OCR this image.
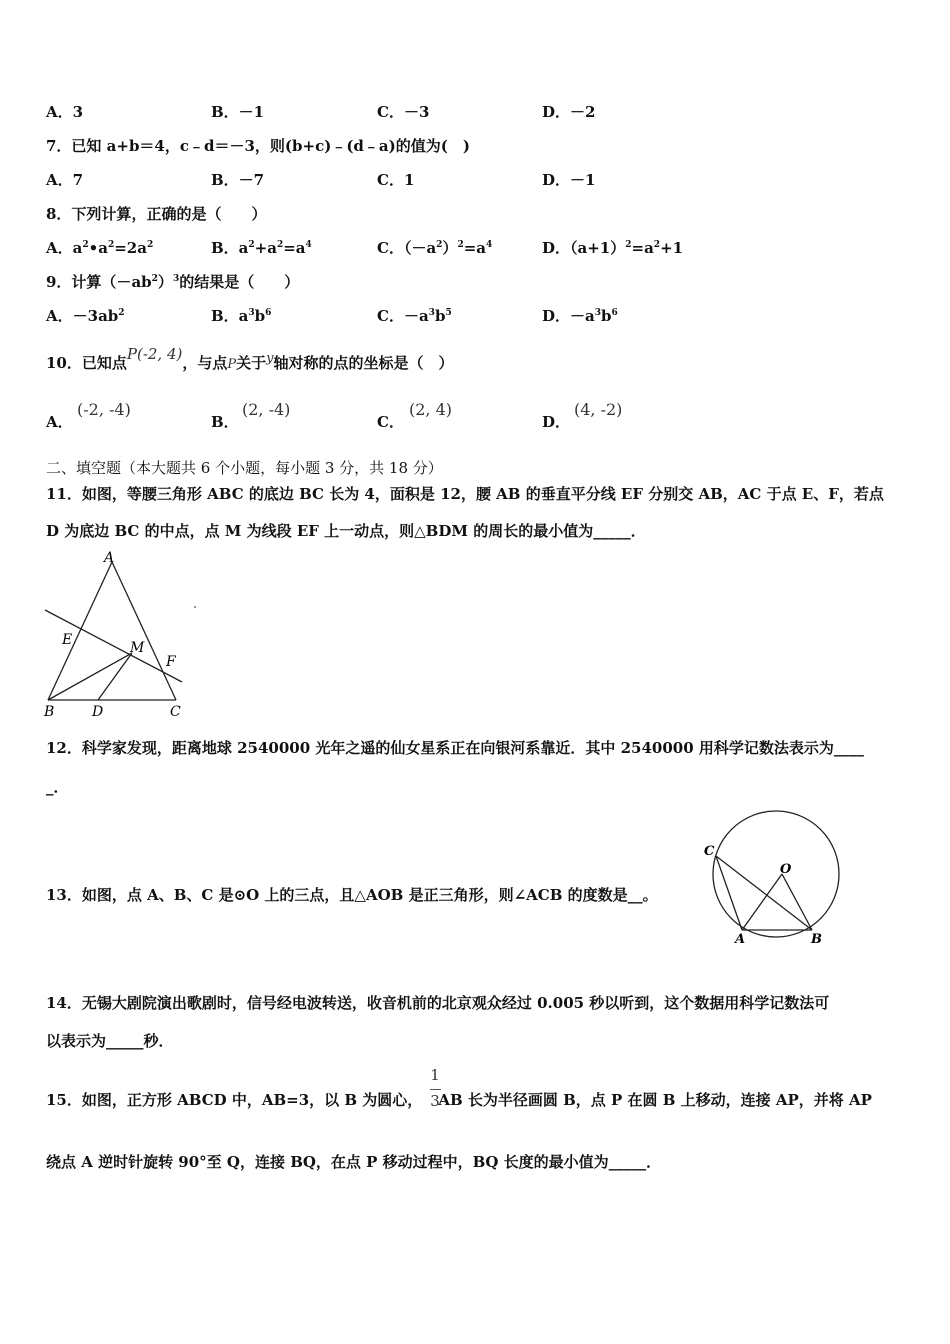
A．3	B．－1	C．－3	D．－2
7．已知 a+b＝4，c﹣d＝－3，则(b+c)﹣(d﹣a)的值为(　)
A．7	B．－7	C．1	D．－1
8．下列计算，正确的是（　　）
A．$a^2•a^2=2a^2$	B．$a^2+a^2=a^4$	C．$(-a^2)^2=a^4$	D．$(a+1)^2=a^2+1$
9．计算$(-ab^2)^3$的结果是（　　）
A．$-3ab^2$	B．$a^3b^6$	C．$-a^3b^5$	D．$-a^3b^6$
10．已知点P(-2, 4)，与点P关于y轴对称的点的坐标是（　）
A．
(-2, -4)
B．
(2, -4)
C．
(2, 4)
D．
(4, -2)
二、填空题（本大题共 6 个小题，每小题 3 分，共 18 分）
11．如图，等腰三角形 ABC 的底边 BC 长为 4，面积是 12，腰 AB 的垂直平分线 EF 分别交 AB，AC 于点 E、F，若点
D 为底边 BC 的中点，点 M 为线段 EF 上一动点，则△BDM 的周长的最小值为_____．
A
B	C
D
E
F
M
12．科学家发现，距离地球 2540000 光年之遥的仙女星系正在向银河系靠近．其中 2540000 用科学记数法表示为____
_．
13．如图，点 A、B、C 是⊙O 上的三点，且△AOB 是正三角形，则∠ACB 的度数是__。
C
O
A	B
14．无锡大剧院演出歌剧时，信号经电波转送，收音机前的北京观众经过 0.005 秒以听到，这个数据用科学记数法可
以表示为_____秒．
15．如图，正方形 ABCD 中，AB=3，以 B 为圆心， AB 长为半径画圆 B，点 P 在圆 B 上移动，连接 AP，并将 AP
1
3
绕点 A 逆时针旋转 90°至 Q，连接 BQ，在点 P 移动过程中，BQ 长度的最小值为_____．
